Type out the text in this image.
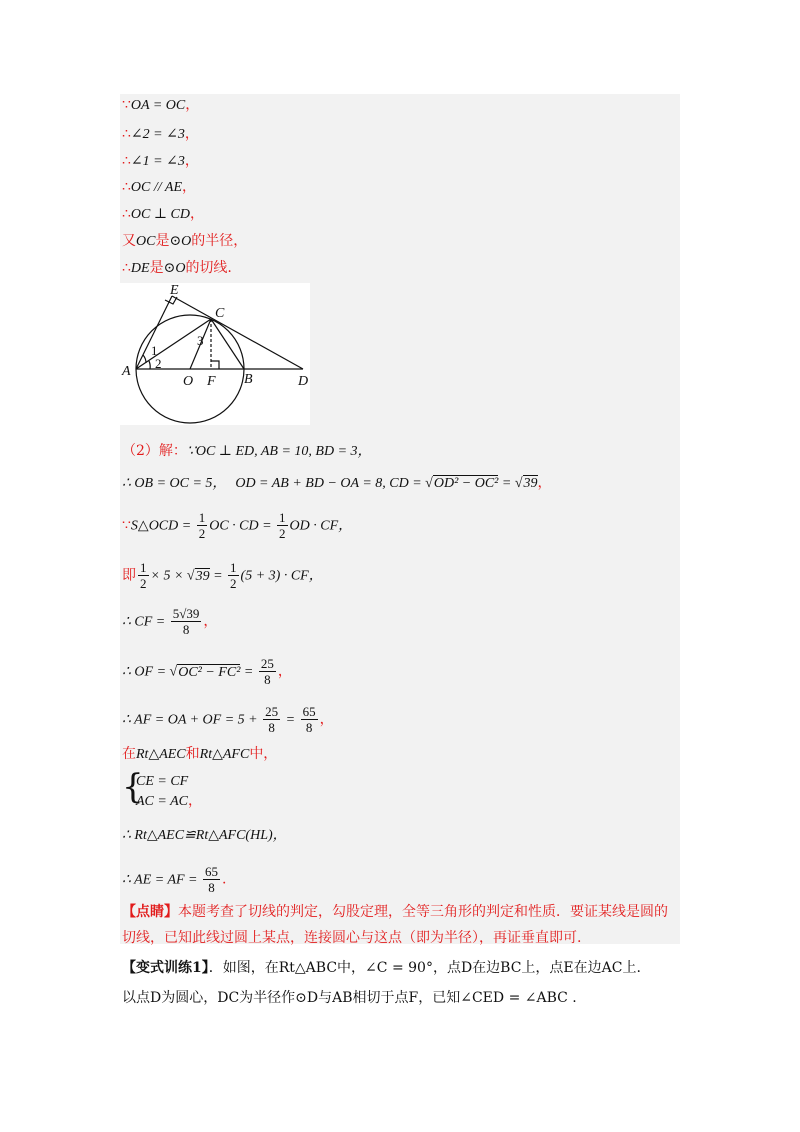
∵OA = OC，
∴∠2 = ∠3，
∴∠1 = ∠3，
∴OC // AE，
∴OC ⊥ CD，
又OC是⊙O的半径，
∴DE是⊙O的切线.
E
C
A
O F B	D
1
2
3
（2）解：∵OC ⊥ ED, AB = 10, BD = 3，
∴ OB = OC = 5， OD = AB + BD − OA = 8, CD = √OD² − OC² = √39，
∵S△OCD = $\frac{1}{2}$ OC · CD = $\frac{1}{2}$ OD · CF，
即 $\frac{1}{2} \times 5 \times √39 = \frac{1}{2} (5 + 3)$ · CF，
∴ CF = $\frac{5√39}{8}$ ，
∴ OF = $√OC^2 - FC^2 = \frac{25}{8}$ ，
∴ AF = OA + OF = $5 + \frac{25}{8} = \frac{65}{8}$ ，
在Rt△AEC和Rt△AFC中，
{
CE = CF
AC = AC，
∴ Rt△AEC≌Rt△AFC(HL)，
∴ AE = AF = $\frac{65}{8}$ .
【点睛】本题考查了切线的判定，勾股定理，全等三角形的判定和性质．要证某线是圆的
切线，已知此线过圆上某点，连接圆心与这点（即为半径），再证垂直即可.
【变式训练1】．如图，在Rt△ABC中，∠C = 90°，点D在边BC上，点E在边AC上.
以点D为圆心，DC为半径作⊙D与AB相切于点F，已知∠CED = ∠ABC .
